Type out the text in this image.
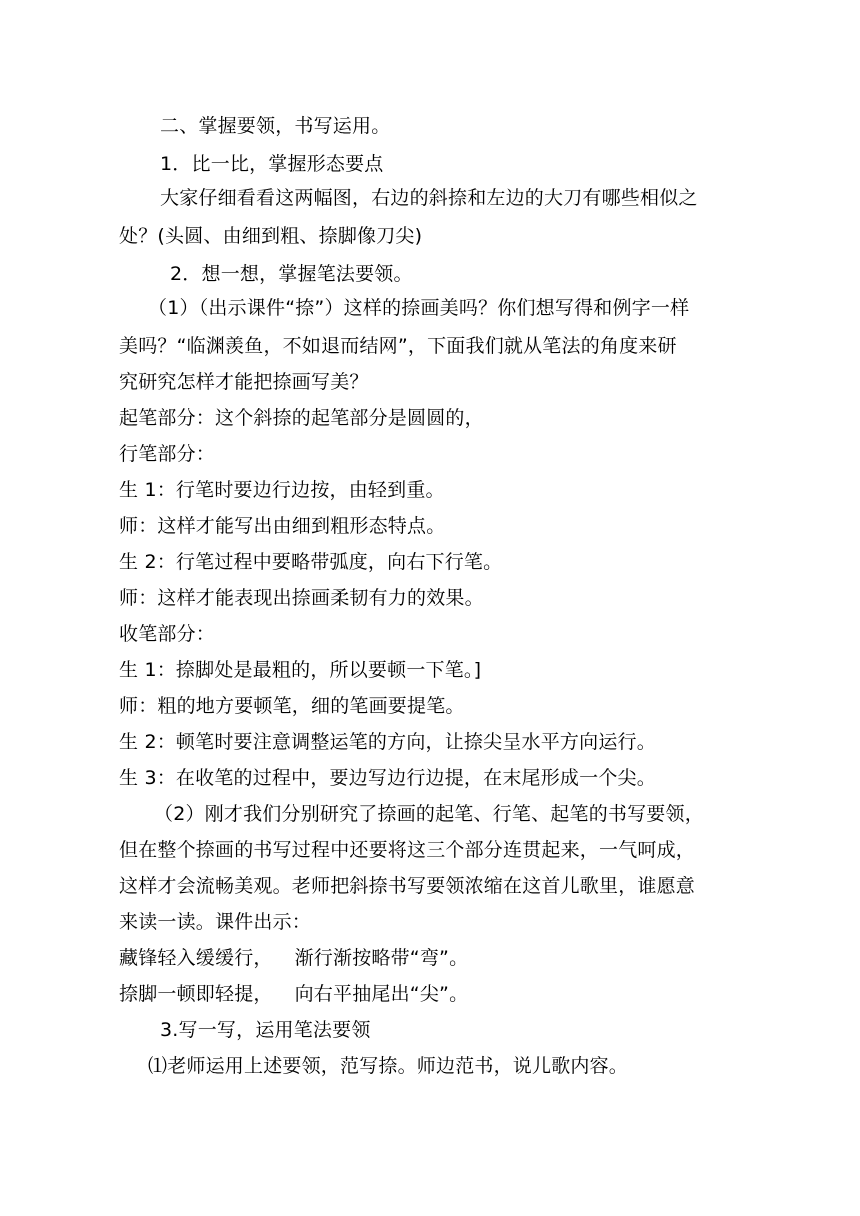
二、掌握要领，书写运用。
1．比一比，掌握形态要点
大家仔细看看这两幅图，右边的斜捺和左边的大刀有哪些相似之
处？(头圆、由细到粗、捺脚像刀尖)
2．想一想，掌握笔法要领。
（1）（出示课件“捺”）这样的捺画美吗？你们想写得和例字一样
美吗？“临渊羡鱼，不如退而结网”，下面我们就从笔法的角度来研
究研究怎样才能把捺画写美？
起笔部分：这个斜捺的起笔部分是圆圆的，
行笔部分：
生 1：行笔时要边行边按，由轻到重。
师：这样才能写出由细到粗形态特点。
生 2：行笔过程中要略带弧度，向右下行笔。
师：这样才能表现出捺画柔韧有力的效果。
收笔部分：
生 1：捺脚处是最粗的，所以要顿一下笔。]
师：粗的地方要顿笔，细的笔画要提笔。
生 2：顿笔时要注意调整运笔的方向，让捺尖呈水平方向运行。
生 3：在收笔的过程中，要边写边行边提，在末尾形成一个尖。
（2）刚才我们分别研究了捺画的起笔、行笔、起笔的书写要领，
但在整个捺画的书写过程中还要将这三个部分连贯起来，一气呵成，
这样才会流畅美观。老师把斜捺书写要领浓缩在这首儿歌里，谁愿意
来读一读。课件出示：
藏锋轻入缓缓行， 渐行渐按略带“弯”。
捺脚一顿即轻提， 向右平抽尾出“尖”。
3.写一写，运用笔法要领
⑴老师运用上述要领，范写捺。师边范书，说儿歌内容。
